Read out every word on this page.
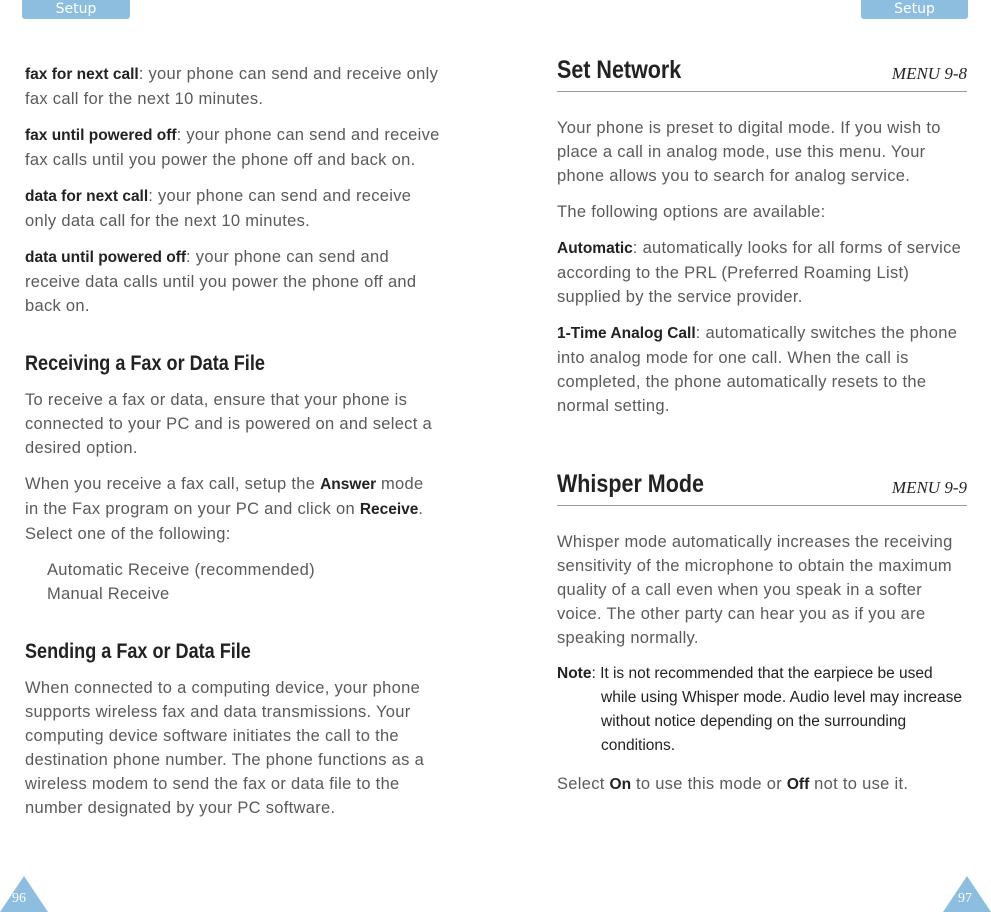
Setup	Setup

fax for next call: your phone can send and receive only fax call for the next 10 minutes.

fax until powered off: your phone can send and receive fax calls until you power the phone off and back on.

data for next call: your phone can send and receive only data call for the next 10 minutes.

data until powered off: your phone can send and receive data calls until you power the phone off and back on.

Receiving a Fax or Data File

To receive a fax or data, ensure that your phone is connected to your PC and is powered on and select a desired option.

When you receive a fax call, setup the Answer mode in the Fax program on your PC and click on Receive. Select one of the following:

Automatic Receive (recommended)

Manual Receive

Sending a Fax or Data File

When connected to a computing device, your phone supports wireless fax and data transmissions. Your computing device software initiates the call to the destination phone number. The phone functions as a wireless modem to send the fax or data file to the number designated by your PC software.

Set Network	MENU 9-8

Your phone is preset to digital mode. If you wish to place a call in analog mode, use this menu. Your phone allows you to search for analog service.

The following options are available:

Automatic: automatically looks for all forms of service according to the PRL (Preferred Roaming List) supplied by the service provider.

1-Time Analog Call: automatically switches the phone into analog mode for one call. When the call is completed, the phone automatically resets to the normal setting.

Whisper Mode	MENU 9-9

Whisper mode automatically increases the receiving sensitivity of the microphone to obtain the maximum quality of a call even when you speak in a softer voice. The other party can hear you as if you are speaking normally.

Note: It is not recommended that the earpiece be used
while using Whisper mode. Audio level may increase without notice depending on the surrounding conditions.

Select On to use this mode or Off not to use it.

96	97
